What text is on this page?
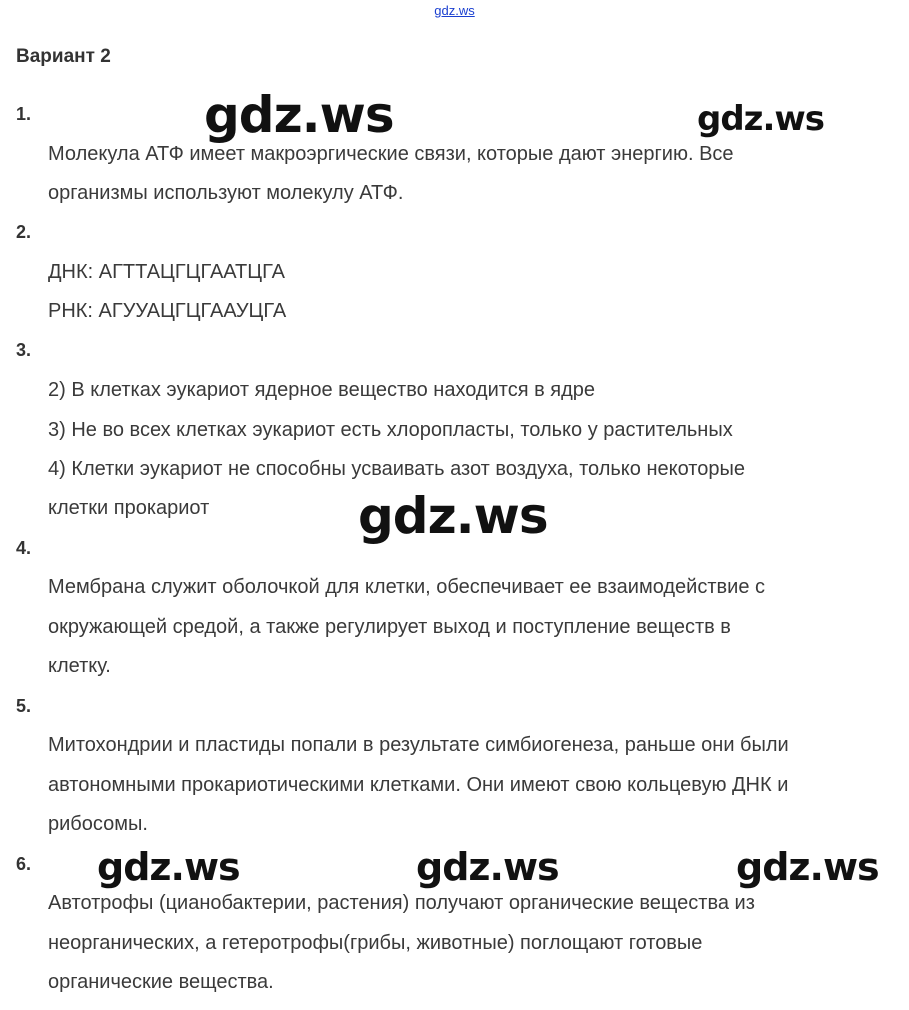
gdz.ws
Вариант 2
1.
Молекула АТФ имеет макроэргические связи, которые дают энергию. Все
организмы используют молекулу АТФ.
2.
ДНК: АГТТАЦГЦГААТЦГА
РНК: АГУУАЦГЦГААУЦГА
3.
2) В клетках эукариот ядерное вещество находится в ядре
3) Не во всех клетках эукариот есть хлоропласты, только у растительных
4) Клетки эукариот не способны усваивать азот воздуха, только некоторые
клетки прокариот
4.
Мембрана служит оболочкой для клетки, обеспечивает ее взаимодействие с
окружающей средой, а также регулирует выход и поступление веществ в
клетку.
5.
Митохондрии и пластиды попали в результате симбиогенеза, раньше они были
автономными прокариотическими клетками. Они имеют свою кольцевую ДНК и
рибосомы.
6.
Автотрофы (цианобактерии, растения) получают органические вещества из
неорганических, а гетеротрофы(грибы, животные) поглощают готовые
органические вещества.
gdz.ws	gdz.ws
gdz.ws
gdz.ws	gdz.ws	gdz.ws
